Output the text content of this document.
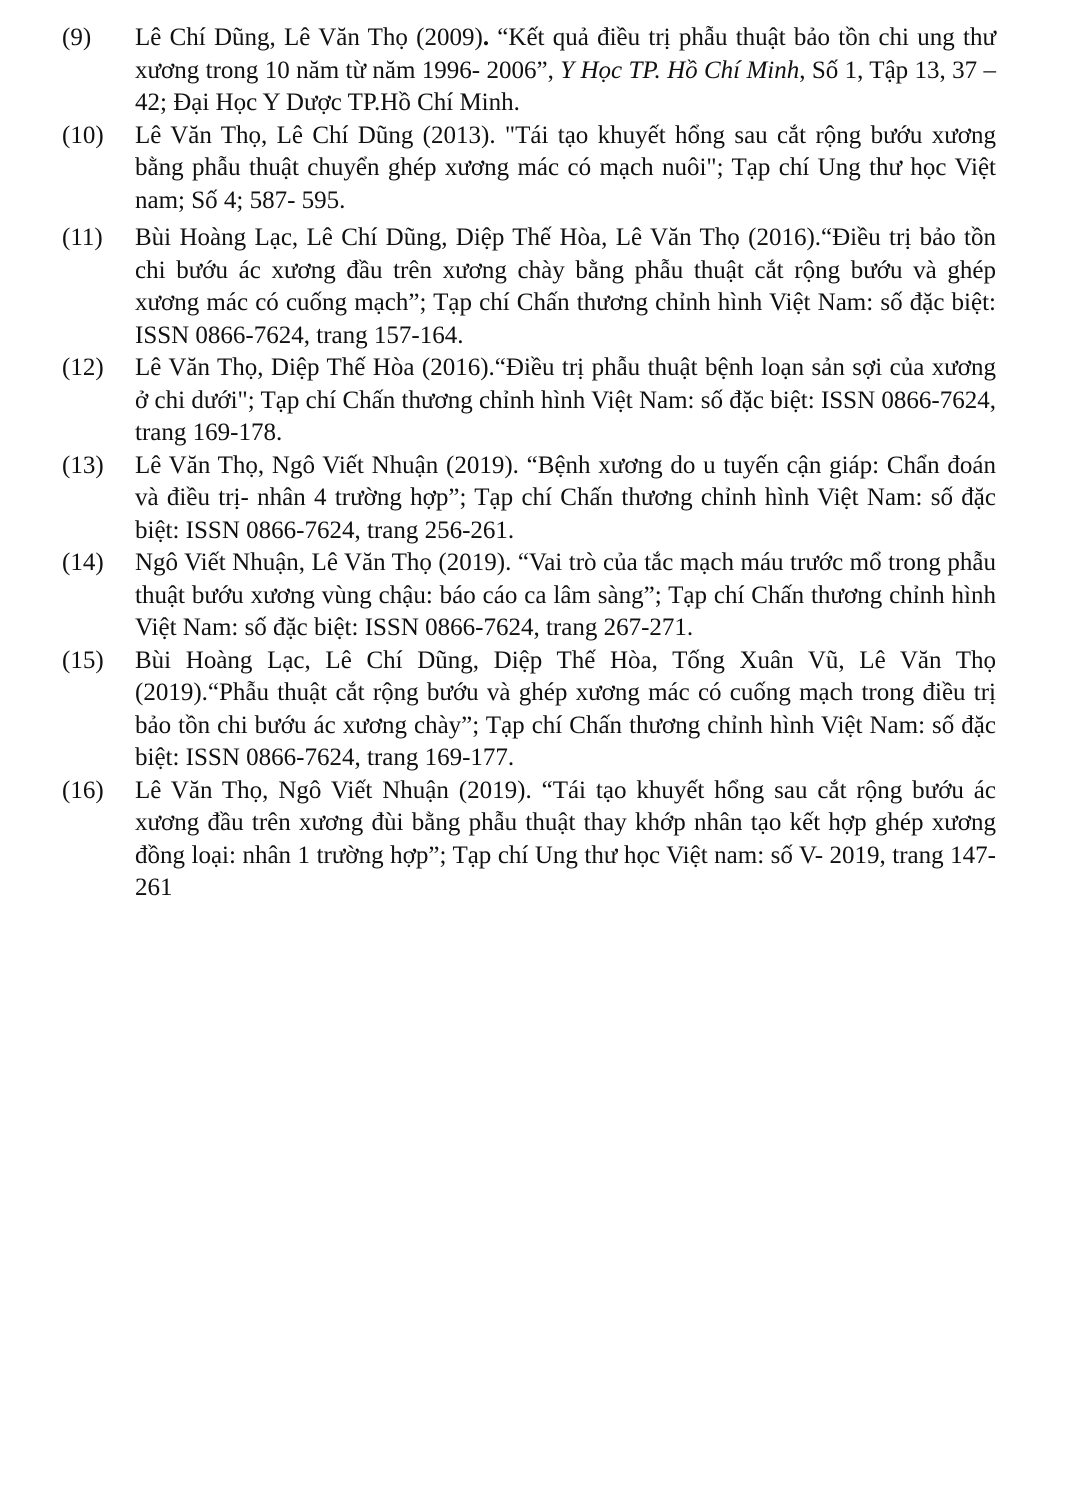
(9)	Lê Chí Dũng, Lê Văn Thọ (2009). “Kết quả điều trị phẫu thuật bảo tồn chi ung thư xương trong 10 năm từ năm 1996- 2006”, Y Học TP. Hồ Chí Minh, Số 1, Tập 13, 37 – 42; Đại Học Y Dược TP.Hồ Chí Minh.
(10)	Lê Văn Thọ, Lê Chí Dũng (2013). "Tái tạo khuyết hổng sau cắt rộng bướu xương bằng phẫu thuật chuyển ghép xương mác có mạch nuôi"; Tạp chí Ung thư học Việt nam; Số 4; 587- 595.
(11)	Bùi Hoàng Lạc, Lê Chí Dũng, Diệp Thế Hòa, Lê Văn Thọ (2016).“Điều trị bảo tồn chi bướu ác xương đầu trên xương chày bằng phẫu thuật cắt rộng bướu và ghép xương mác có cuống mạch”; Tạp chí Chấn thương chỉnh hình Việt Nam: số đặc biệt: ISSN 0866-7624, trang 157-164.
(12)	Lê Văn Thọ, Diệp Thế Hòa (2016).“Điều trị phẫu thuật bệnh loạn sản sợi của xương ở chi dưới"; Tạp chí Chấn thương chỉnh hình Việt Nam: số đặc biệt: ISSN 0866-7624, trang 169-178.
(13)	Lê Văn Thọ, Ngô Viết Nhuận (2019). “Bệnh xương do u tuyến cận giáp: Chẩn đoán và điều trị- nhân 4 trường hợp”; Tạp chí Chấn thương chỉnh hình Việt Nam: số đặc biệt: ISSN 0866-7624, trang 256-261.
(14)	Ngô Viết Nhuận, Lê Văn Thọ (2019). “Vai trò của tắc mạch máu trước mổ trong phẫu thuật bướu xương vùng chậu: báo cáo ca lâm sàng”; Tạp chí Chấn thương chỉnh hình Việt Nam: số đặc biệt: ISSN 0866-7624, trang 267-271.
(15)	Bùi Hoàng Lạc, Lê Chí Dũng, Diệp Thế Hòa, Tống Xuân Vũ, Lê Văn Thọ (2019).“Phẫu thuật cắt rộng bướu và ghép xương mác có cuống mạch trong điều trị bảo tồn chi bướu ác xương chày”; Tạp chí Chấn thương chỉnh hình Việt Nam: số đặc biệt: ISSN 0866-7624, trang 169-177.
(16)	Lê Văn Thọ, Ngô Viết Nhuận (2019). “Tái tạo khuyết hổng sau cắt rộng bướu ác xương đầu trên xương đùi bằng phẫu thuật thay khớp nhân tạo kết hợp ghép xương đồng loại: nhân 1 trường hợp”; Tạp chí Ung thư học Việt nam: số V- 2019, trang 147-261
